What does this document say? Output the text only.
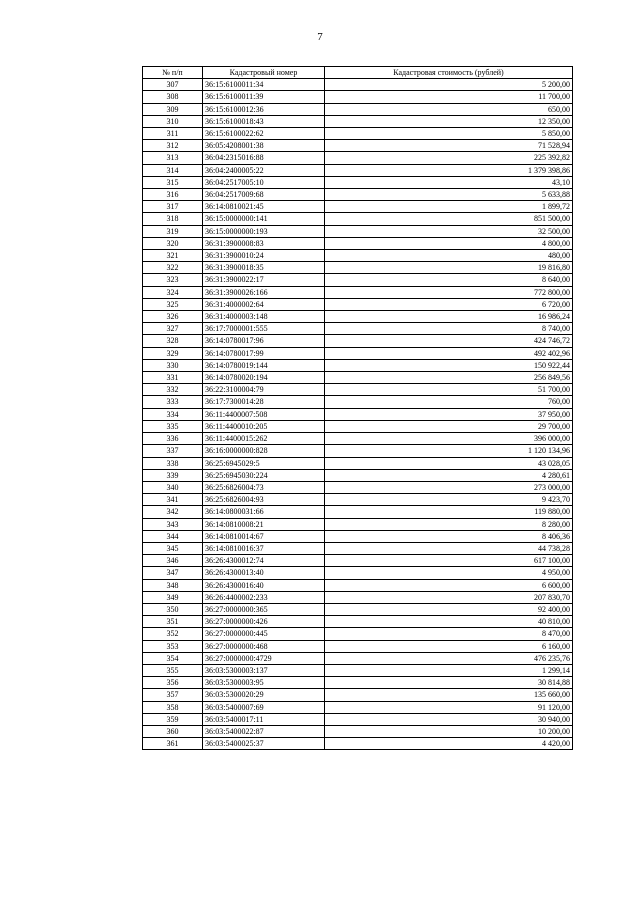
7
№ п/п	Кадастровый номер	Кадастровая стоимость (рублей)
307	36:15:6100011:34	5 200,00
308	36:15:6100011:39	11 700,00
309	36:15:6100012:36	650,00
310	36:15:6100018:43	12 350,00
311	36:15:6100022:62	5 850,00
312	36:05:4208001:38	71 528,94
313	36:04:2315016:88	225 392,82
314	36:04:2400005:22	1 379 398,86
315	36:04:2517005:10	43,10
316	36:04:2517009:68	5 633,88
317	36:14:0810021:45	1 899,72
318	36:15:0000000:141	851 500,00
319	36:15:0000000:193	32 500,00
320	36:31:3900008:83	4 800,00
321	36:31:3900010:24	480,00
322	36:31:3900018:35	19 816,80
323	36:31:3900022:17	8 640,00
324	36:31:3900026:166	772 800,00
325	36:31:4000002:64	6 720,00
326	36:31:4000003:148	16 986,24
327	36:17:7000001:555	8 740,00
328	36:14:0780017:96	424 746,72
329	36:14:0780017:99	492 402,96
330	36:14:0780019:144	150 922,44
331	36:14:0780020:194	256 849,56
332	36:22:3100004:79	51 700,00
333	36:17:7300014:28	760,00
334	36:11:4400007:508	37 950,00
335	36:11:4400010:205	29 700,00
336	36:11:4400015:262	396 000,00
337	36:16:0000000:828	1 120 134,96
338	36:25:6945029:5	43 028,05
339	36:25:6945030:224	4 280,61
340	36:25:6826004:73	273 000,00
341	36:25:6826004:93	9 423,70
342	36:14:0800031:66	119 880,00
343	36:14:0810008:21	8 280,00
344	36:14:0810014:67	8 406,36
345	36:14:0810016:37	44 738,28
346	36:26:4300012:74	617 100,00
347	36:26:4300013:40	4 950,00
348	36:26:4300016:40	6 600,00
349	36:26:4400002:233	207 830,70
350	36:27:0000000:365	92 400,00
351	36:27:0000000:426	40 810,00
352	36:27:0000000:445	8 470,00
353	36:27:0000000:468	6 160,00
354	36:27:0000000:4729	476 235,76
355	36:03:5300003:137	1 299,14
356	36:03:5300003:95	30 814,88
357	36:03:5300020:29	135 660,00
358	36:03:5400007:69	91 120,00
359	36:03:5400017:11	30 940,00
360	36:03:5400022:87	10 200,00
361	36:03:5400025:37	4 420,00
